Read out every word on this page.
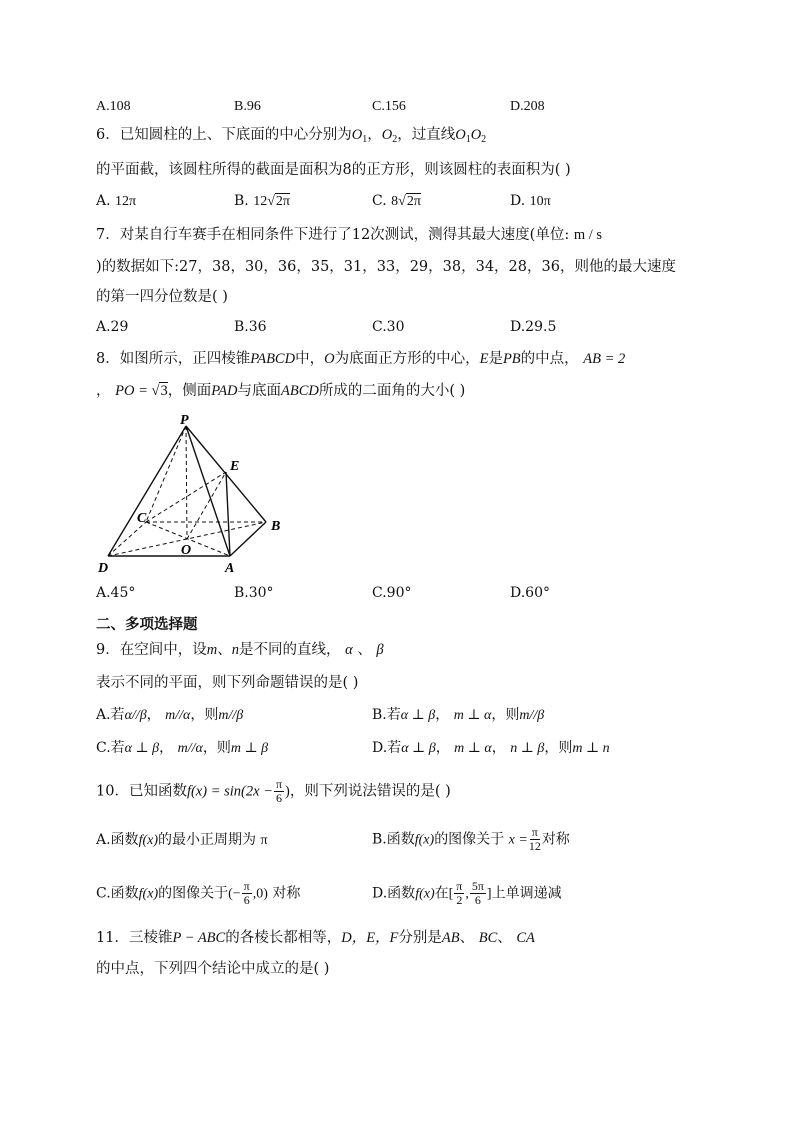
A.108	B.96	C.156	D.208
6．已知圆柱的上、下底面的中心分别为$O_1$，$O_2$，过直线$O_1O_2$
的平面截，该圆柱所得的截面是面积为8的正方形，则该圆柱的表面积为( )
A. 12π	B. 12√2π	C. 8√2π	D. 10π
7．对某自行车赛手在相同条件下进行了12次测试，测得其最大速度(单位: m / s
)的数据如下:27，38，30，36，35，31，33，29，38，34，28，36，则他的最大速度
的第一四分位数是( )
A.29	B.36	C.30	D.29.5
8．如图所示，正四棱锥PABCD中，O为底面正方形的中心，E是PB的中点， AB = 2
， PO = √3，侧面PAD与底面ABCD所成的二面角的大小( )
P
E
C
B
O
D	A
A.45°	B.30°	C.90°	D.60°
二、多项选择题
9．在空间中，设m、n是不同的直线， α 、 β
表示不同的平面，则下列命题错误的是( )
A.若α//β， m//α，则m//β	B.若α ⊥ β， m ⊥ α，则m//β
C.若α ⊥ β， m//α，则m ⊥ β	D.若α ⊥ β， m ⊥ α， n ⊥ β，则m ⊥ n
10．已知函数$f(x) = \sin(2x - \frac{\pi}{6}$ )，则下列说法错误的是( )
A.函数f(x)的最小正周期为 π	B.函数f(x)的图像关于 $x = \frac{\pi}{12}$ 对称
C.函数f(x)的图像关于(− $\frac{\pi}{6} ,0$) 对称	D.函数f(x)在[ $\frac{\pi}{2}$ , $\frac{5\pi}{6}$ ]上单调递减
11．三棱锥P − ABC的各棱长都相等，D，E，F分别是AB、 BC、 CA
的中点，下列四个结论中成立的是( )
